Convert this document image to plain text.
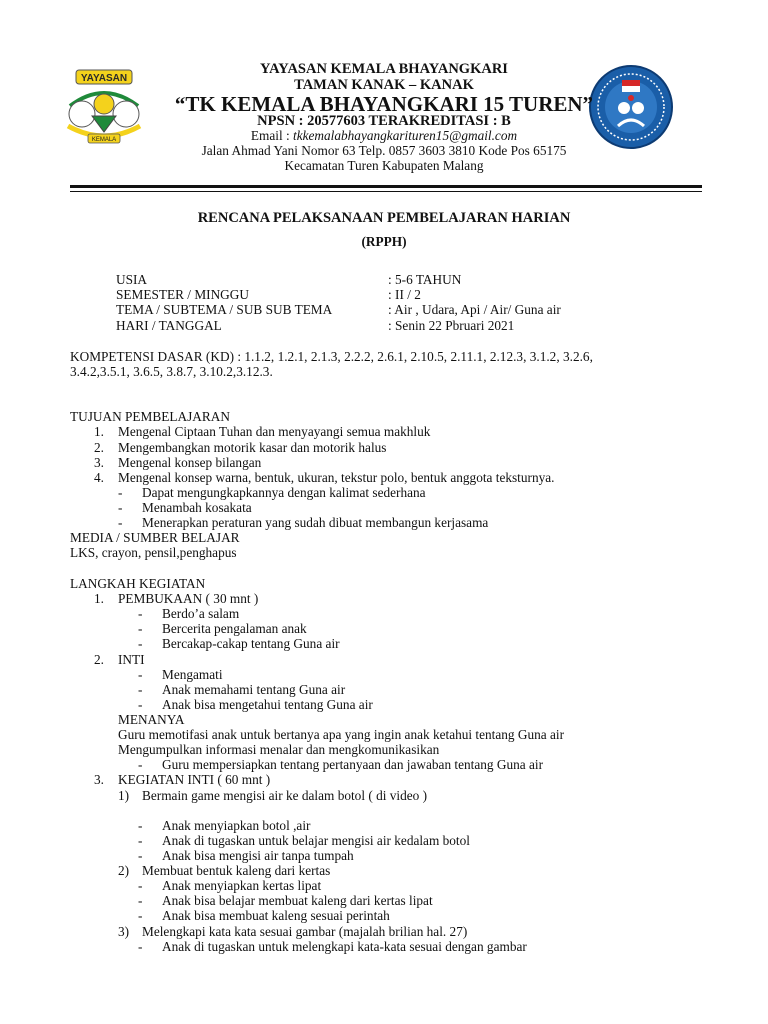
YAYASAN
KEMALA
YAYASAN KEMALA BHAYANGKARI
TAMAN KANAK – KANAK
“TK KEMALA BHAYANGKARI 15 TUREN”
NPSN : 20577603 TERAKREDITASI : B
Email : tkkemalabhayangkarituren15@gmail.com
Jalan Ahmad Yani Nomor 63 Telp. 0857 3603 3810 Kode Pos 65175
Kecamatan Turen Kabupaten Malang
RENCANA PELAKSANAAN PEMBELAJARAN HARIAN
(RPPH)
USIA	: 5-6 TAHUN
SEMESTER / MINGGU	: II / 2
TEMA / SUBTEMA / SUB SUB TEMA	: Air , Udara, Api / Air/ Guna air
HARI / TANGGAL	: Senin 22 Pbruari 2021
KOMPETENSI DASAR (KD) : 1.1.2, 1.2.1, 2.1.3, 2.2.2, 2.6.1, 2.10.5, 2.11.1, 2.12.3, 3.1.2, 3.2.6,
3.4.2,3.5.1, 3.6.5, 3.8.7, 3.10.2,3.12.3.
TUJUAN PEMBELAJARAN
1. Mengenal Ciptaan Tuhan dan menyayangi semua makhluk
2. Mengembangkan motorik kasar dan motorik halus
3. Mengenal konsep bilangan
4. Mengenal konsep warna, bentuk, ukuran, tekstur polo, bentuk anggota teksturnya.
- Dapat mengungkapkannya dengan kalimat sederhana
- Menambah kosakata
- Menerapkan peraturan yang sudah dibuat membangun kerjasama
MEDIA / SUMBER BELAJAR
LKS, crayon, pensil,penghapus
LANGKAH KEGIATAN
1. PEMBUKAAN ( 30 mnt )
- Berdo’a salam
- Bercerita pengalaman anak
- Bercakap-cakap tentang Guna air
2. INTI
- Mengamati
- Anak memahami tentang Guna air
- Anak bisa mengetahui tentang Guna air
MENANYA
Guru memotifasi anak untuk bertanya apa yang ingin anak ketahui tentang Guna air
Mengumpulkan informasi menalar dan mengkomunikasikan
- Guru mempersiapkan tentang pertanyaan dan jawaban tentang Guna air
3. KEGIATAN INTI ( 60 mnt )
1) Bermain game mengisi air ke dalam botol ( di video )
- Anak menyiapkan botol ,air
- Anak di tugaskan untuk belajar mengisi air kedalam botol
- Anak bisa mengisi air tanpa tumpah
2) Membuat bentuk kaleng dari kertas
- Anak menyiapkan kertas lipat
- Anak bisa belajar membuat kaleng dari kertas lipat
- Anak bisa membuat kaleng sesuai perintah
3) Melengkapi kata kata sesuai gambar (majalah brilian hal. 27)
- Anak di tugaskan untuk melengkapi kata-kata sesuai dengan gambar
